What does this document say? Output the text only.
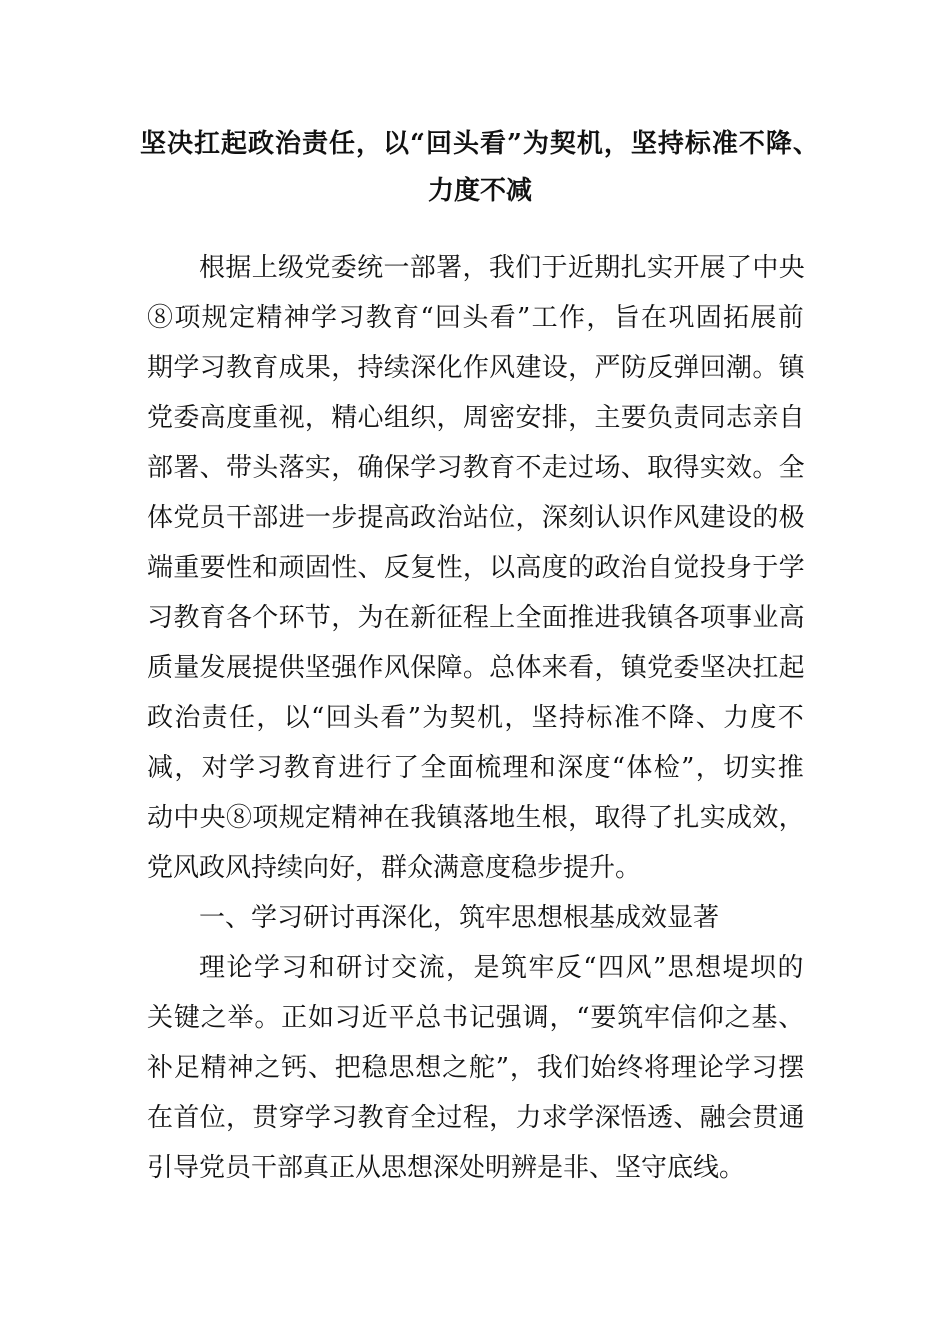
坚决扛起政治责任，以“回头看”为契机，坚持标准不降、
力度不减
根据上级党委统一部署，我们于近期扎实开展了中央
⑧项规定精神学习教育“回头看”工作，旨在巩固拓展前
期学习教育成果，持续深化作风建设，严防反弹回潮。镇
党委高度重视，精心组织，周密安排，主要负责同志亲自
部署、带头落实，确保学习教育不走过场、取得实效。全
体党员干部进一步提高政治站位，深刻认识作风建设的极
端重要性和顽固性、反复性，以高度的政治自觉投身于学
习教育各个环节，为在新征程上全面推进我镇各项事业高
质量发展提供坚强作风保障。总体来看，镇党委坚决扛起
政治责任，以“回头看”为契机，坚持标准不降、力度不
减，对学习教育进行了全面梳理和深度“体检”，切实推
动中央⑧项规定精神在我镇落地生根，取得了扎实成效，
党风政风持续向好，群众满意度稳步提升。
一、学习研讨再深化，筑牢思想根基成效显著
理论学习和研讨交流，是筑牢反“四风”思想堤坝的
关键之举。正如习近平总书记强调，“要筑牢信仰之基、
补足精神之钙、把稳思想之舵”，我们始终将理论学习摆
在首位，贯穿学习教育全过程，力求学深悟透、融会贯通
引导党员干部真正从思想深处明辨是非、坚守底线。
